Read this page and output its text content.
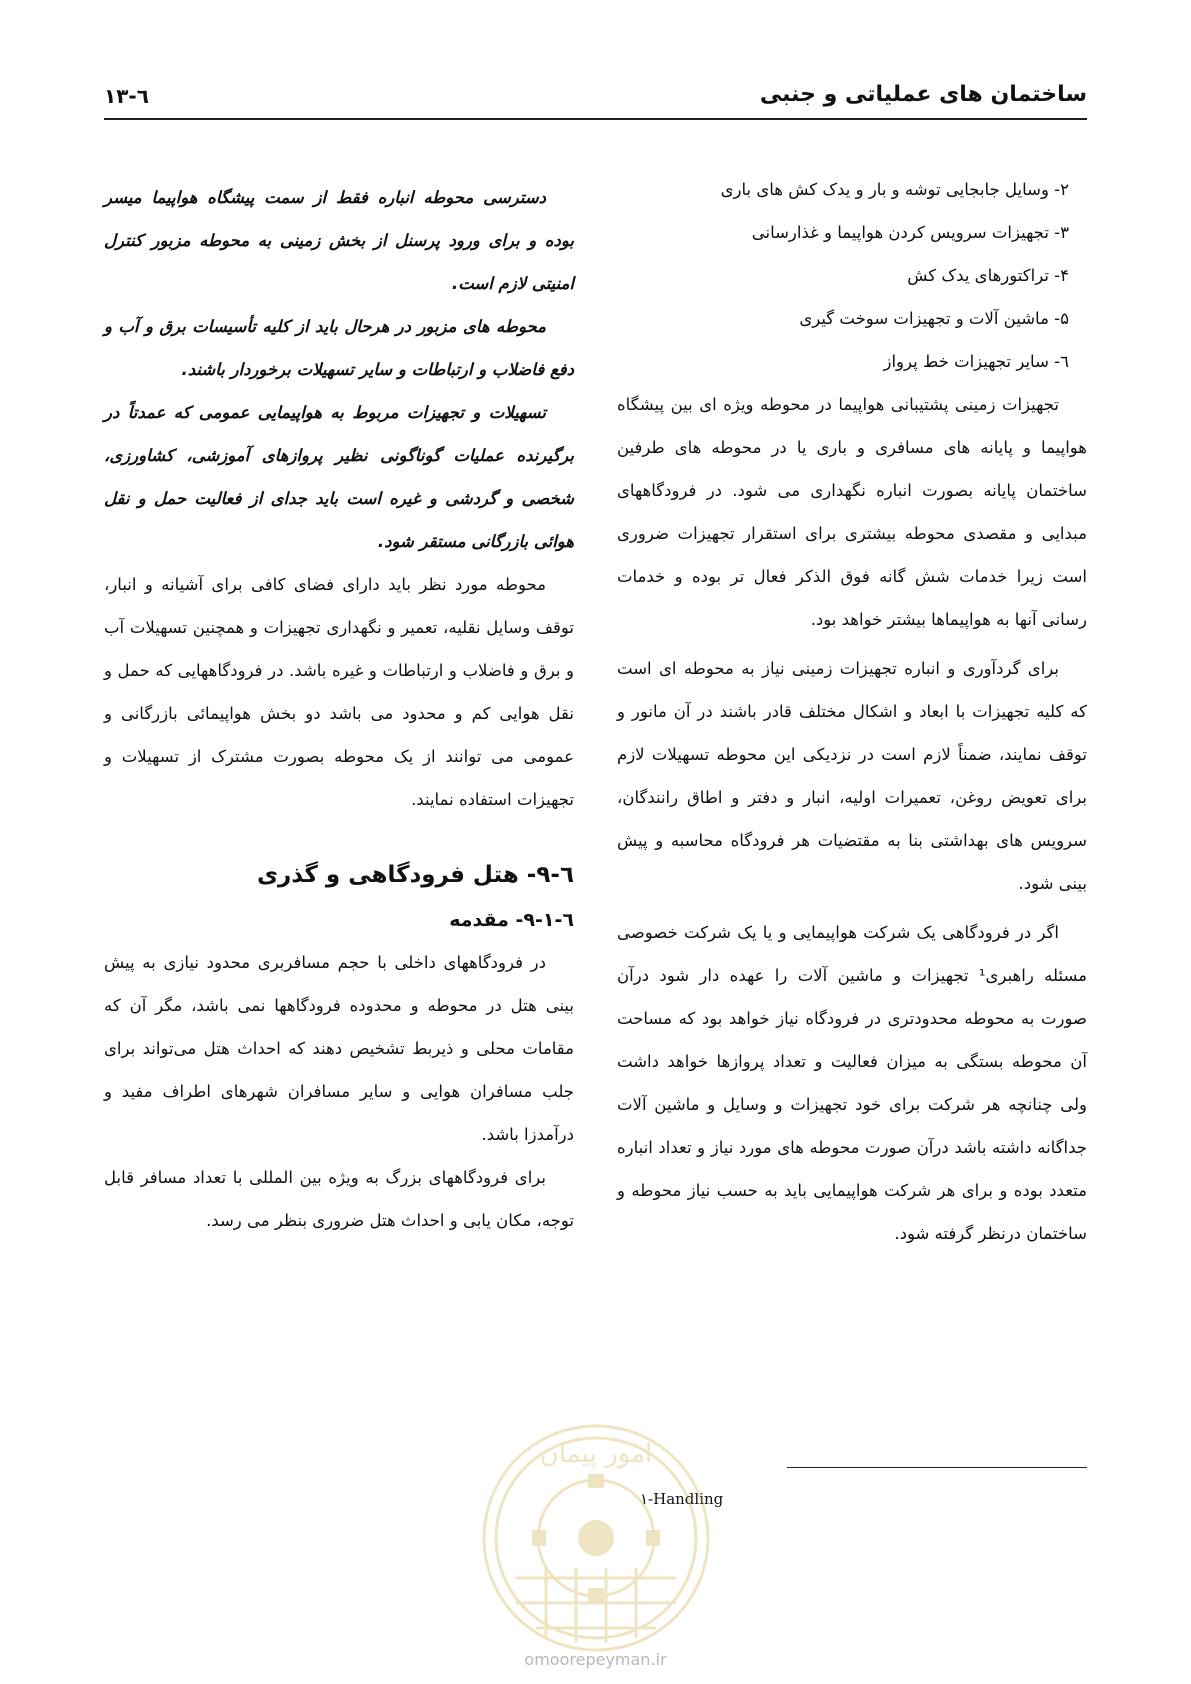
ساختمان های عملیاتی و جنبی
۱۳-٦

۲- وسایل جابجایی توشه و بار و یدک کش های باری

۳- تجهیزات سرویس کردن هواپیما و غذارسانی

۴- تراکتورهای یدک کش

۵- ماشین آلات و تجهیزات سوخت گیری

٦- سایر تجهیزات خط پرواز

تجهیزات زمینی پشتیبانی هواپیما در محوطه ویژه ای بین پیشگاه هواپیما و پایانه های مسافری و باری یا در محوطه های طرفین ساختمان پایانه بصورت انباره نگهداری می شود. در فرودگاههای مبدایی و مقصدی محوطه بیشتری برای استقرار تجهیزات ضروری است زیرا خدمات شش گانه فوق الذکر فعال تر بوده و خدمات رسانی آنها به هواپیماها بیشتر خواهد بود.

برای گردآوری و انباره تجهیزات زمینی نیاز به محوطه ای است که کلیه تجهیزات با ابعاد و اشکال مختلف قادر باشند در آن مانور و توقف نمایند، ضمناً لازم است در نزدیکی این محوطه تسهیلات لازم برای تعویض روغن، تعمیرات اولیه، انبار و دفتر و اطاق رانندگان، سرویس های بهداشتی بنا به مقتضیات هر فرودگاه محاسبه و پیش بینی شود.

اگر در فرودگاهی یک شرکت هواپیمایی و یا یک شرکت خصوصی مسئله راهبری¹ تجهیزات و ماشین آلات را عهده دار شود درآن صورت به محوطه محدودتری در فرودگاه نیاز خواهد بود که مساحت آن محوطه بستگی به میزان فعالیت و تعداد پروازها خواهد داشت ولی چنانچه هر شرکت برای خود تجهیزات و وسایل و ماشین آلات جداگانه داشته باشد درآن صورت محوطه های مورد نیاز و تعداد انباره متعدد بوده و برای هر شرکت هواپیمایی باید به حسب نیاز محوطه و ساختمان درنظر گرفته شود.

دسترسی محوطه انباره فقط از سمت پیشگاه هواپیما میسر بوده و برای ورود پرسنل از بخش زمینی به محوطه مزبور کنترل امنیتی لازم است.

محوطه های مزبور در هرحال باید از کلیه تأسیسات برق و آب و دفع فاضلاب و ارتباطات و سایر تسهیلات برخوردار باشند.

تسهیلات و تجهیزات مربوط به هواپیمایی عمومی که عمدتاً در برگیرنده عملیات گوناگونی نظیر پروازهای آموزشی، کشاورزی، شخصی و گردشی و غیره است باید جدای از فعالیت حمل و نقل هوائی بازرگانی مستقر شود.

محوطه مورد نظر باید دارای فضای کافی برای آشیانه و انبار، توقف وسایل نقلیه، تعمیر و نگهداری تجهیزات و همچنین تسهیلات آب و برق و فاضلاب و ارتباطات و غیره باشد. در فرودگاههایی که حمل و نقل هوایی کم و محدود می باشد دو بخش هواپیمائی بازرگانی و عمومی می توانند از یک محوطه بصورت مشترک از تسهیلات و تجهیزات استفاده نمایند.

٦-۹- هتل فرودگاهی و گذری
٦-۹-۱- مقدمه

در فرودگاههای داخلی با حجم مسافربری محدود نیازی به پیش بینی هتل در محوطه و محدوده فرودگاهها نمی باشد، مگر آن که مقامات محلی و ذیربط تشخیص دهند که احداث هتل می‌تواند برای جلب مسافران هوایی و سایر مسافران شهرهای اطراف مفید و درآمدزا باشد.

برای فرودگاههای بزرگ به ویژه بین المللی با تعداد مسافر قابل توجه، مکان یابی و احداث هتل ضروری بنظر می رسد.

۱-Handling
امور پیمان
omoorepeyman.ir
